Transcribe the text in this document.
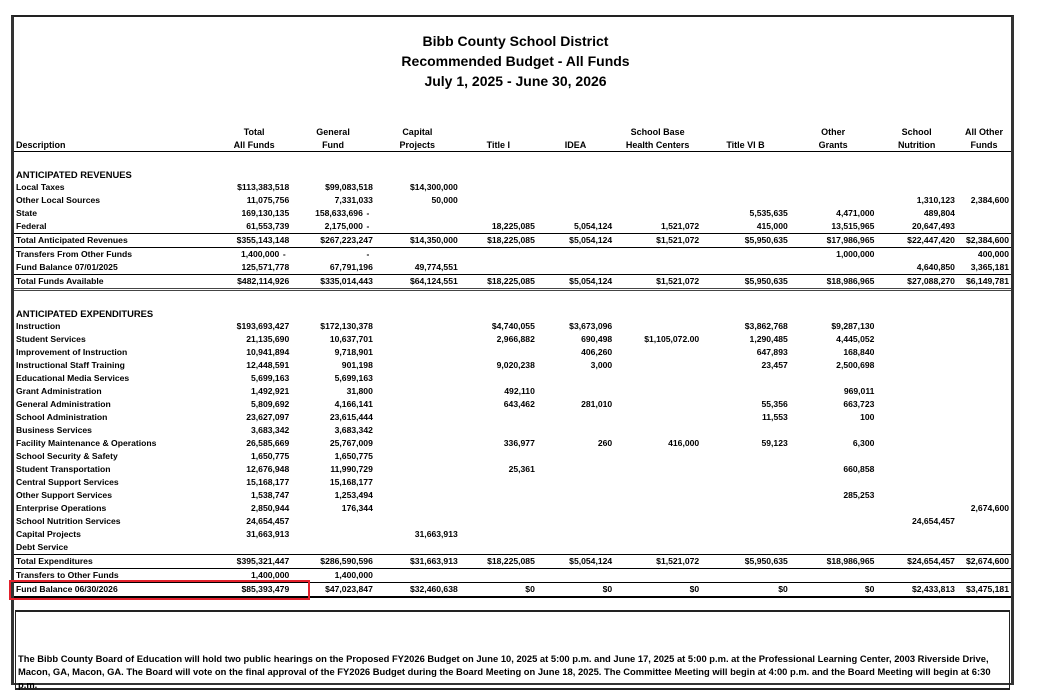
Bibb County School District
Recommended Budget - All Funds
July 1, 2025 - June 30, 2026
	Total	General	Capital			School Base		Other	School	All Other
Description	All Funds	Fund	Projects	Title I	IDEA	Health Centers	Title VI B	Grants	Nutrition	Funds

ANTICIPATED REVENUES										
Local Taxes	$113,383,518	$99,083,518	$14,300,000							
Other Local Sources	11,075,756	7,331,033	50,000						1,310,123	2,384,600
State	169,130,135	158,633,696 -					5,535,635	4,471,000	489,804	
Federal	61,553,739	2,175,000 -		18,225,085	5,054,124	1,521,072	415,000	13,515,965	20,647,493	
Total Anticipated Revenues	$355,143,148	$267,223,247	$14,350,000	$18,225,085	$5,054,124	$1,521,072	$5,950,635	$17,986,965	$22,447,420	$2,384,600
Transfers From Other Funds	1,400,000 -	-						1,000,000		400,000
Fund Balance 07/01/2025	125,571,778	67,791,196	49,774,551						4,640,850	3,365,181
Total Funds Available	$482,114,926	$335,014,443	$64,124,551	$18,225,085	$5,054,124	$1,521,072	$5,950,635	$18,986,965	$27,088,270	$6,149,781

ANTICIPATED EXPENDITURES										
Instruction	$193,693,427	$172,130,378		$4,740,055	$3,673,096		$3,862,768	$9,287,130		
Student Services	21,135,690	10,637,701		2,966,882	690,498	$1,105,072.00	1,290,485	4,445,052		
Improvement of Instruction	10,941,894	9,718,901			406,260		647,893	168,840		
Instructional Staff Training	12,448,591	901,198		9,020,238	3,000		23,457	2,500,698		
Educational Media Services	5,699,163	5,699,163								
Grant Administration	1,492,921	31,800		492,110				969,011		
General Administration	5,809,692	4,166,141		643,462	281,010		55,356	663,723		
School Administration	23,627,097	23,615,444					11,553	100		
Business Services	3,683,342	3,683,342								
Facility Maintenance & Operations	26,585,669	25,767,009		336,977	260	416,000	59,123	6,300		
School Security & Safety	1,650,775	1,650,775								
Student Transportation	12,676,948	11,990,729		25,361				660,858		
Central Support Services	15,168,177	15,168,177								
Other Support Services	1,538,747	1,253,494						285,253		
Enterprise Operations	2,850,944	176,344								2,674,600
School Nutrition Services	24,654,457								24,654,457	
Capital Projects	31,663,913		31,663,913							
Debt Service										
Total Expenditures	$395,321,447	$286,590,596	$31,663,913	$18,225,085	$5,054,124	$1,521,072	$5,950,635	$18,986,965	$24,654,457	$2,674,600
Transfers to Other Funds	1,400,000	1,400,000								
Fund Balance 06/30/2026	$85,393,479	$47,023,847	$32,460,638	$0	$0	$0	$0	$0	$2,433,813	$3,475,181
The Bibb County Board of Education will hold two public hearings on the Proposed FY2026 Budget on June 10, 2025 at 5:00 p.m. and June 17, 2025 at 5:00 p.m. at the Professional Learning Center, 2003 Riverside Drive, Macon, GA, Macon, GA. The Board will vote on the final approval of the FY2026 Budget during the Board Meeting on June 18, 2025. The Committee Meeting will begin at 4:00 p.m. and the Board Meeting will begin at 6:30 p.m.
